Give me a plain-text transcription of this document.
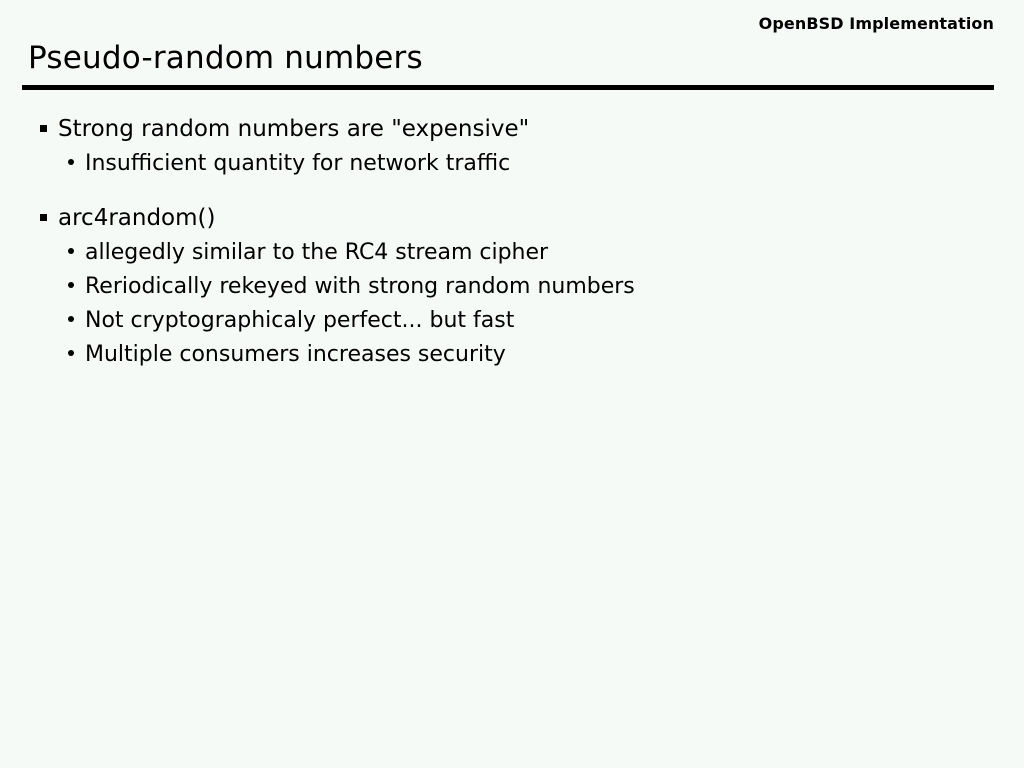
OpenBSD Implementation
Pseudo-random numbers
Strong random numbers are "expensive"
Insufficient quantity for network traffic
arc4random()
allegedly similar to the RC4 stream cipher
Reriodically rekeyed with strong random numbers
Not cryptographicaly perfect... but fast
Multiple consumers increases security
